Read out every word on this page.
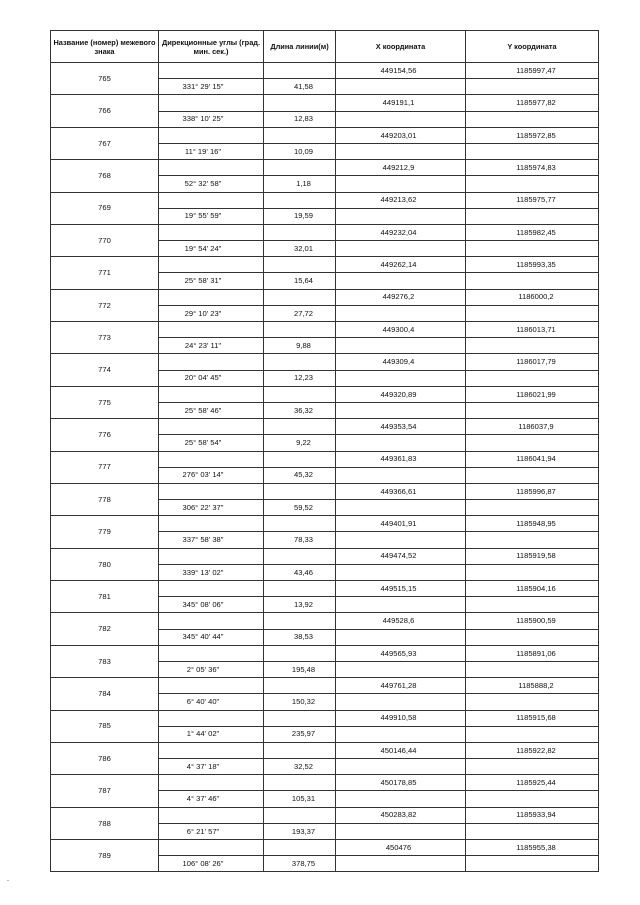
Название (номер) межевого знака	Дирекционные углы (град. мин. сек.)	Длина линии(м)	X координата	Y координата
765			449154,56	1185997,47
	331° 29' 15"	41,58		
766			449191,1	1185977,82
	338° 10' 25"	12,83		
767			449203,01	1185972,85
	11° 19' 16"	10,09		
768			449212,9	1185974,83
	52° 32' 58"	1,18		
769			449213,62	1185975,77
	19° 55' 59"	19,59		
770			449232,04	1185982,45
	19° 54' 24"	32,01		
771			449262,14	1185993,35
	25° 58' 31"	15,64		
772			449276,2	1186000,2
	29° 10' 23"	27,72		
773			449300,4	1186013,71
	24° 23' 11"	9,88		
774			449309,4	1186017,79
	20° 04' 45"	12,23		
775			449320,89	1186021,99
	25° 58' 46"	36,32		
776			449353,54	1186037,9
	25° 58' 54"	9,22		
777			449361,83	1186041,94
	276° 03' 14"	45,32		
778			449366,61	1185996,87
	306° 22' 37"	59,52		
779			449401,91	1185948,95
	337° 58' 38"	78,33		
780			449474,52	1185919,58
	339° 13' 02"	43,46		
781			449515,15	1185904,16
	345° 08' 06"	13,92		
782			449528,6	1185900,59
	345° 40' 44"	38,53		
783			449565,93	1185891,06
	2° 05' 36"	195,48		
784			449761,28	1185888,2
	6° 40' 40"	150,32		
785			449910,58	1185915,68
	1° 44' 02"	235,97		
786			450146,44	1185922,82
	4° 37' 18"	32,52		
787			450178,85	1185925,44
	4° 37' 46"	105,31		
788			450283,82	1185933,94
	6° 21' 57"	193,37		
789			450476	1185955,38
	106° 08' 26"	378,75		
